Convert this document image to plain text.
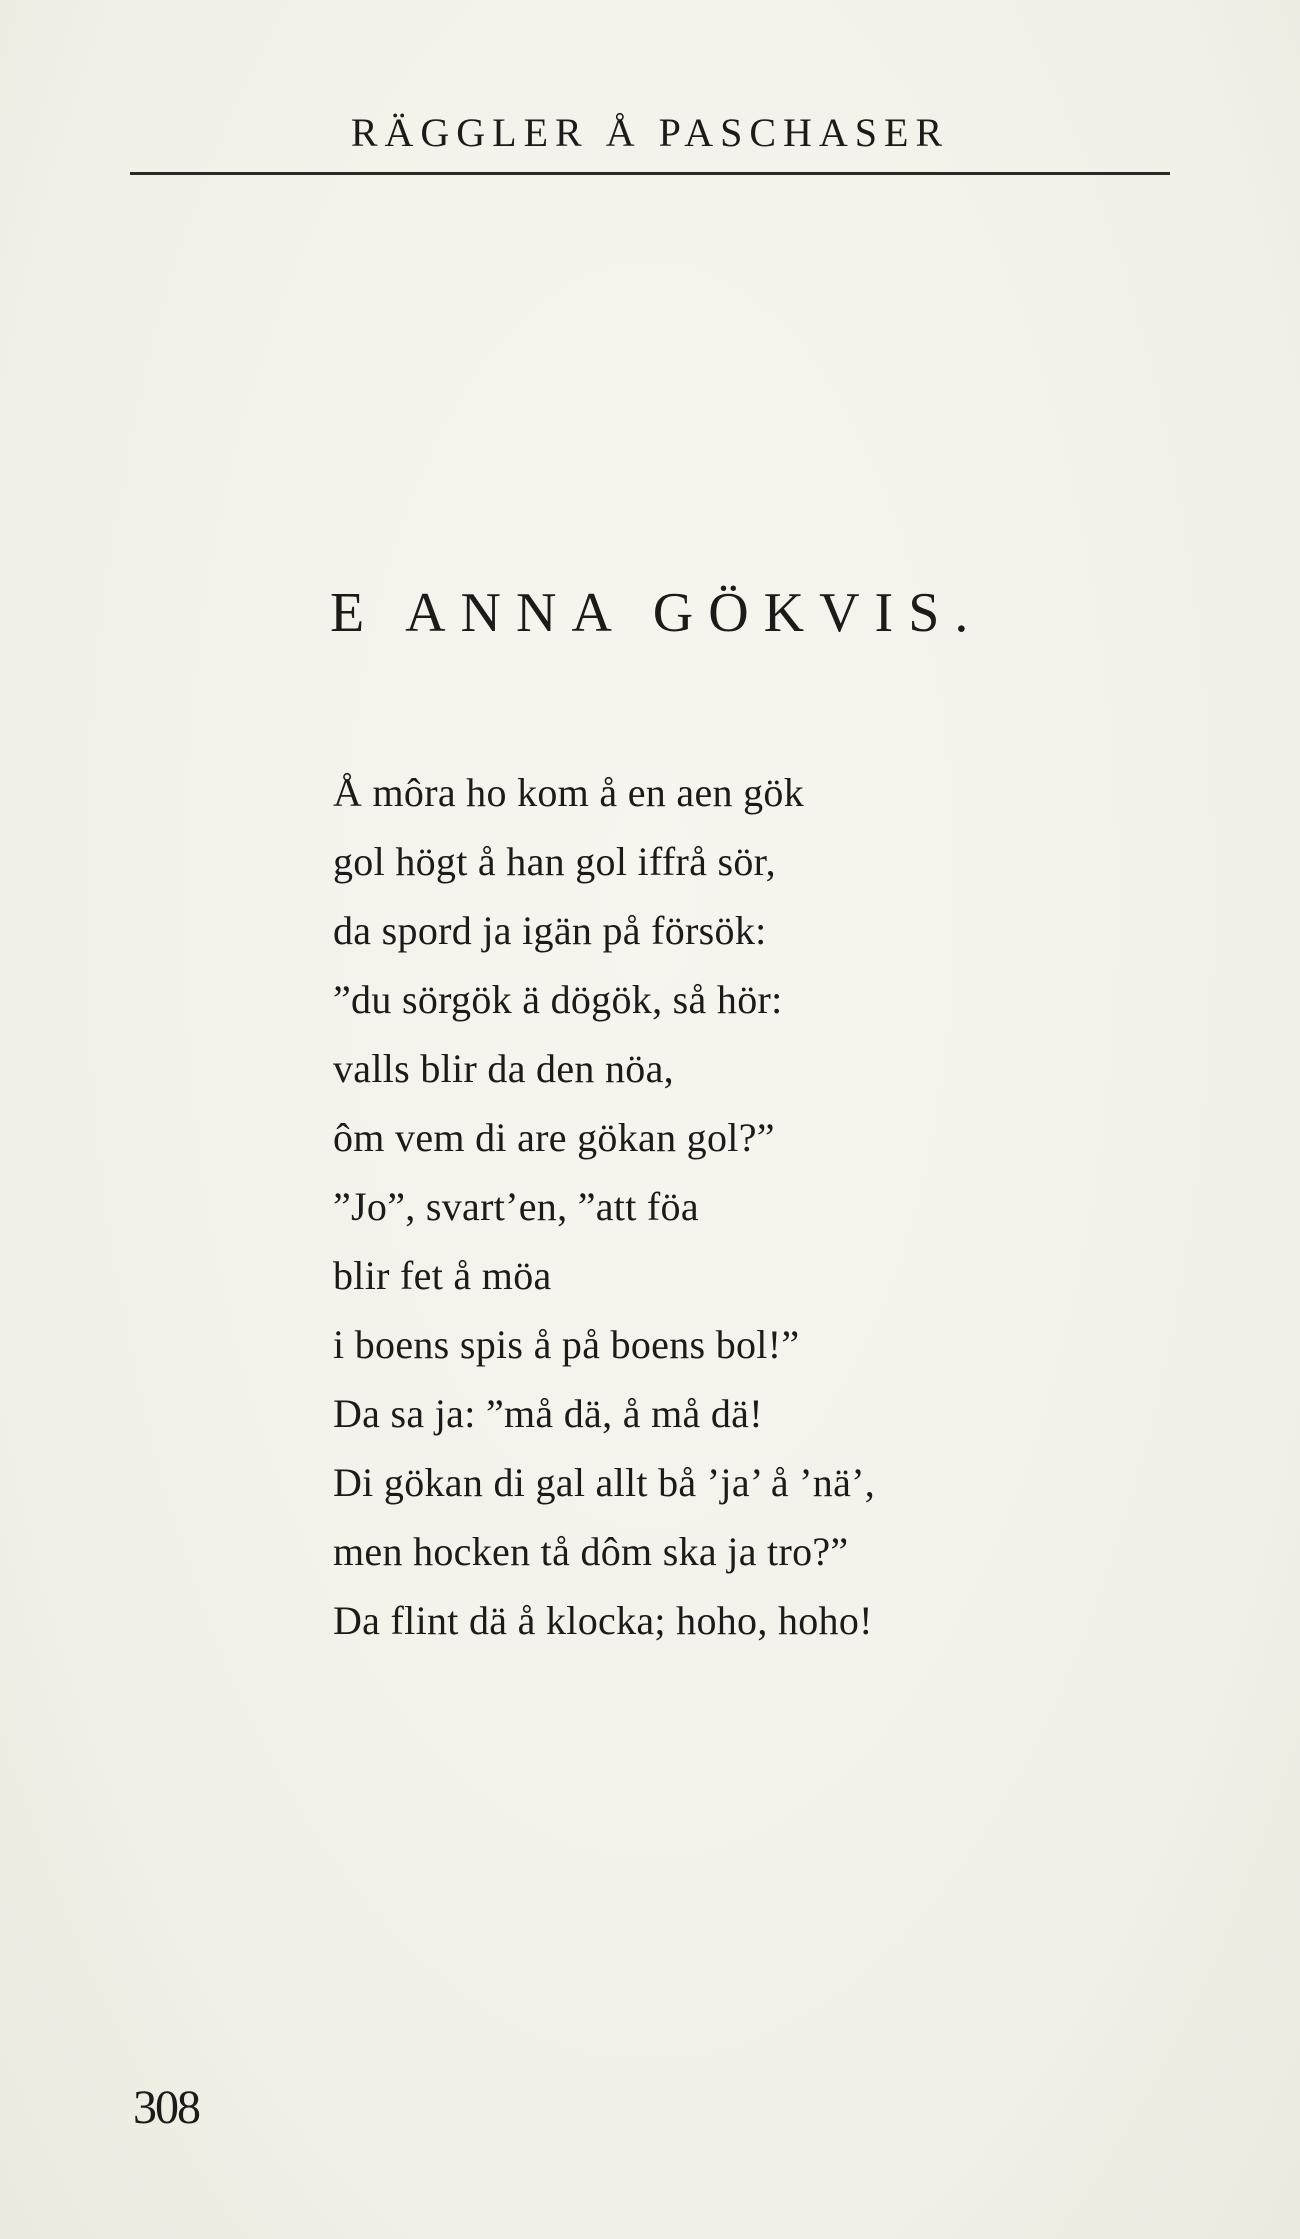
RÄGGLER Å PASCHASER
E ANNA GÖKVIS.
Å môra ho kom å en aen gök
gol högt å han gol iffrå sör,
da spord ja igän på försök:
”du sörgök ä dögök, så hör:
valls blir da den nöa,
ôm vem di are gökan gol?”
”Jo”, svart’en, ”att föa
blir fet å möa
i boens spis å på boens bol!”
Da sa ja: ”må dä, å må dä!
Di gökan di gal allt bå ’ja’ å ’nä’,
men hocken tå dôm ska ja tro?”
Da flint dä å klocka; hoho, hoho!
308
